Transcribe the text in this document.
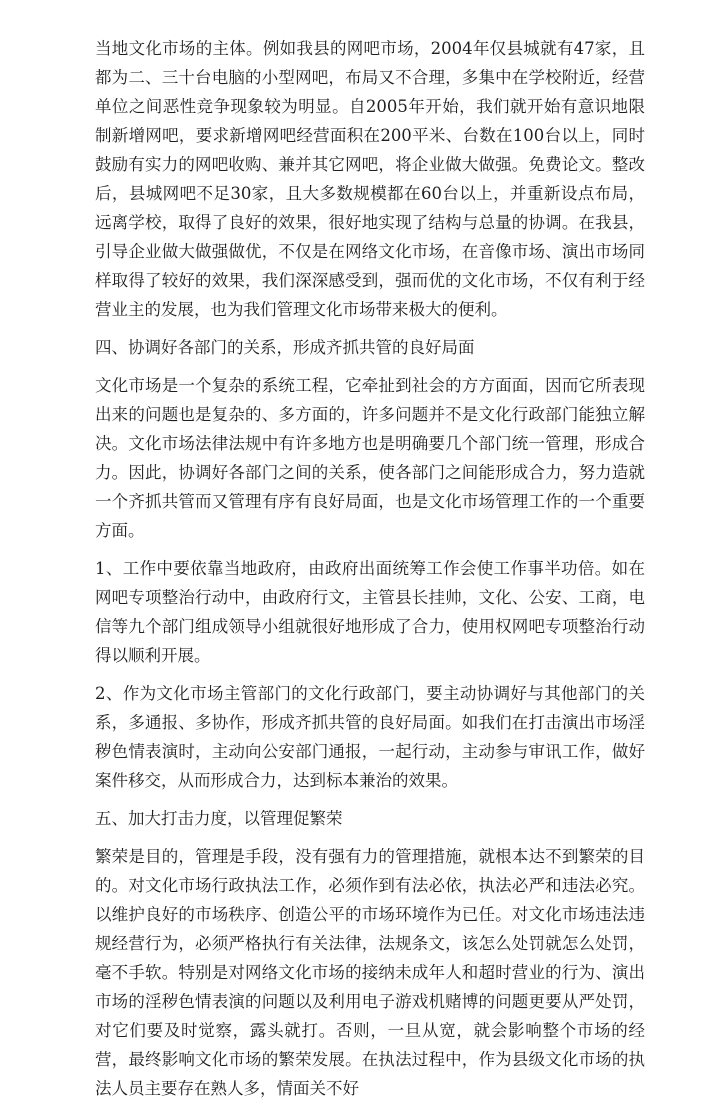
当地文化市场的主体。例如我县的网吧市场，2004年仅县城就有47家，且都为二、三十台电脑的小型网吧，布局又不合理，多集中在学校附近，经营单位之间恶性竞争现象较为明显。自2005年开始，我们就开始有意识地限制新增网吧，要求新增网吧经营面积在200平米、台数在100台以上，同时鼓励有实力的网吧收购、兼并其它网吧，将企业做大做强。免费论文。整改后，县城网吧不足30家，且大多数规模都在60台以上，并重新设点布局，远离学校，取得了良好的效果，很好地实现了结构与总量的协调。在我县，引导企业做大做强做优，不仅是在网络文化市场，在音像市场、演出市场同样取得了较好的效果，我们深深感受到，强而优的文化市场，不仅有利于经营业主的发展，也为我们管理文化市场带来极大的便利。

四、协调好各部门的关系，形成齐抓共管的良好局面

文化市场是一个复杂的系统工程，它牵扯到社会的方方面面，因而它所表现出来的问题也是复杂的、多方面的，许多问题并不是文化行政部门能独立解决。文化市场法律法规中有许多地方也是明确要几个部门统一管理，形成合力。因此，协调好各部门之间的关系，使各部门之间能形成合力，努力造就一个齐抓共管而又管理有序有良好局面，也是文化市场管理工作的一个重要方面。

1、工作中要依靠当地政府，由政府出面统筹工作会使工作事半功倍。如在网吧专项整治行动中，由政府行文，主管县长挂帅，文化、公安、工商，电信等九个部门组成领导小组就很好地形成了合力，使用权网吧专项整治行动得以顺利开展。

2、作为文化市场主管部门的文化行政部门，要主动协调好与其他部门的关系，多通报、多协作，形成齐抓共管的良好局面。如我们在打击演出市场淫秽色情表演时，主动向公安部门通报，一起行动，主动参与审讯工作，做好案件移交，从而形成合力，达到标本兼治的效果。

五、加大打击力度，以管理促繁荣

繁荣是目的，管理是手段，没有强有力的管理措施，就根本达不到繁荣的目的。对文化市场行政执法工作，必须作到有法必依，执法必严和违法必究。以维护良好的市场秩序、创造公平的市场环境作为已任。对文化市场违法违规经营行为，必须严格执行有关法律，法规条文，该怎么处罚就怎么处罚，毫不手软。特别是对网络文化市场的接纳未成年人和超时营业的行为、演出市场的淫秽色情表演的问题以及利用电子游戏机赌博的问题更要从严处罚，对它们要及时觉察，露头就打。否则，一旦从宽，就会影响整个市场的经营，最终影响文化市场的繁荣发展。在执法过程中，作为县级文化市场的执法人员主要存在熟人多，情面关不好
